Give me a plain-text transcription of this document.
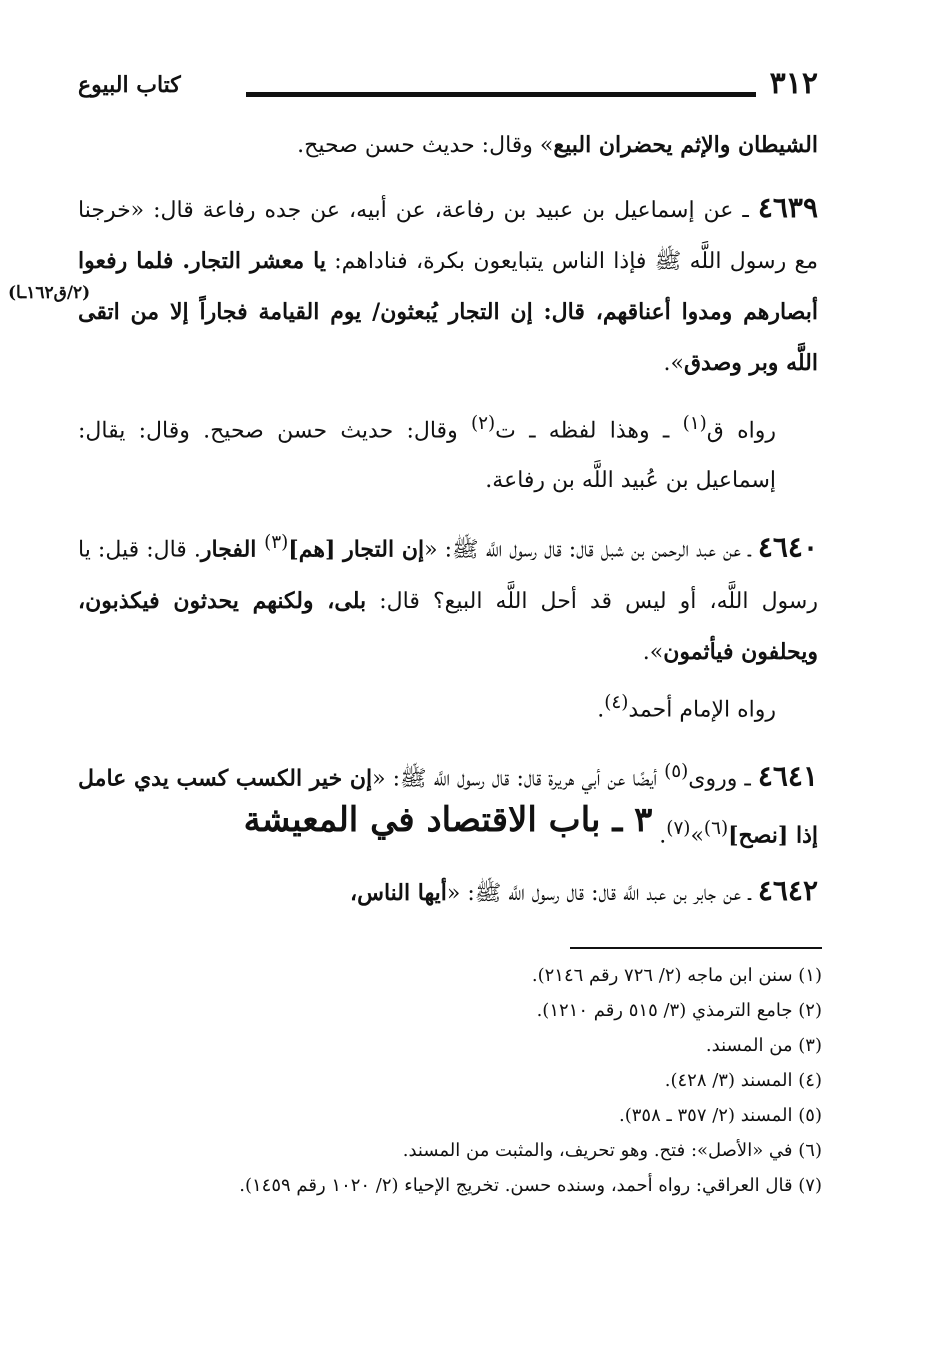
٣١٢
كتاب البيوع
(٢/ق١٦٢ـا)

الشيطان والإثم يحضران البيع» وقال: حديث حسن صحيح.

٤٦٣٩ ـ عن إسماعيل بن عبيد بن رفاعة، عن أبيه، عن جده رفاعة قال: «خرجنا مع رسول اللَّه ﷺ فإذا الناس يتبايعون بكرة، فناداهم: يا معشر التجار. فلما رفعوا أبصارهم ومدوا أعناقهم، قال: إن التجار يُبعثون/ يوم القيامة فجاراً إلا من اتقى اللَّه وبر وصدق».

رواه ق$^{(١)}$ ـ وهذا لفظه ـ ت$^{(٢)}$ وقال: حديث حسن صحيح. وقال: يقال: إسماعيل بن عُبيد اللَّه بن رفاعة.

٤٦٤٠ ـ عن عبد الرحمن بن شبل قال: قال رسول اللَّه ﷺ: «إن التجار [هم]$^{(٣)}$ الفجار. قال: قيل: يا رسول اللَّه، أو ليس قد أحل اللَّه البيع؟ قال: بلى، ولكنهم يحدثون فيكذبون، ويحلفون فيأثمون».

رواه الإمام أحمد$^{(٤)}$.

٤٦٤١ ـ وروى$^{(٥)}$ أيضًا عن أبي هريرة قال: قال رسول اللَّه ﷺ: «إن خير الكسب كسب يدي عامل إذا [نصح]$^{(٦)}$»$^{(٧)}$.

٣ ـ باب الاقتصاد في المعيشة

٤٦٤٢ ـ عن جابر بن عبد اللَّه قال: قال رسول اللَّه ﷺ: «أيها الناس،

(١) سنن ابن ماجه (٢/ ٧٢٦ رقم ٢١٤٦).

(٢) جامع الترمذي (٣/ ٥١٥ رقم ١٢١٠).

(٣) من المسند.

(٤) المسند (٣/ ٤٢٨).

(٥) المسند (٢/ ٣٥٧ ـ ٣٥٨).

(٦) في «الأصل»: فتح. وهو تحريف، والمثبت من المسند.

(٧) قال العراقي: رواه أحمد، وسنده حسن. تخريج الإحياء (٢/ ١٠٢٠ رقم ١٤٥٩).
